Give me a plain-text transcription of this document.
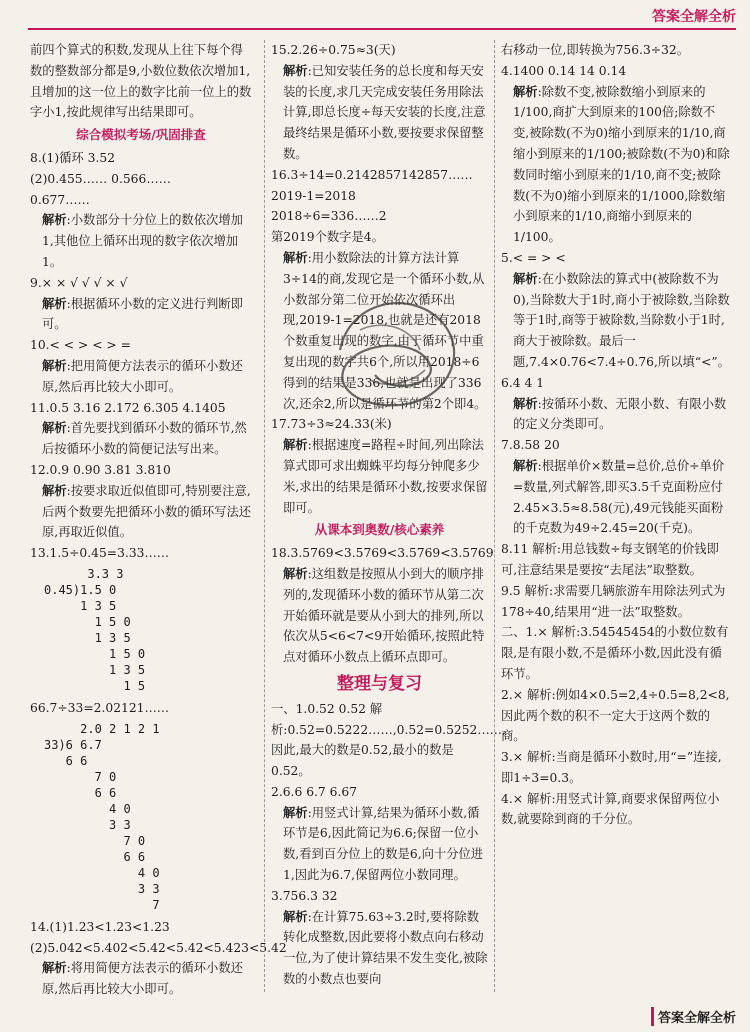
答案全解全析

前四个算式的积数,发现从上往下每个得数的整数部分都是9,小数位数依次增加1,且增加的这一位上的数字比前一位上的数字小1,按此规律写出结果即可。

综合模拟考场/巩固排查

8.(1)循环 3.52

(2)0.455…… 0.566……

0.677……

解析:小数部分十分位上的数依次增加1,其他位上循环出现的数字依次增加1。

9.× × √ √ √ × √

解析:根据循环小数的定义进行判断即可。

10.< < > < > =

解析:把用简便方法表示的循环小数还原,然后再比较大小即可。

11.0.5 3.16 2.172 6.305 4.1405

解析:首先要找到循环小数的循环节,然后按循环小数的简便记法写出来。

12.0.9 0.90 3.81 3.810

解析:按要求取近似值即可,特别要注意,后两个数要先把循环小数的循环写法还原,再取近似值。

13.1.5÷0.45=3.33……

3.3 3
0.45)1.5 0
1 3 5
1 5 0
1 3 5
1 5 0
1 3 5
1 5

66.7÷33=2.02121……

2.0 2 1 2 1
33)6 6.7
6 6
7 0
6 6
4 0
3 3
7 0
6 6
4 0
3 3
7

14.(1)1.23<1.23<1.23

(2)5.042<5.402<5.42<5.42<5.423<5.42

解析:将用简便方法表示的循环小数还原,然后再比较大小即可。

15.2.26÷0.75≈3(天)

解析:已知安装任务的总长度和每天安装的长度,求几天完成安装任务用除法计算,即总长度÷每天安装的长度,注意最终结果是循环小数,要按要求保留整数。

16.3÷14=0.2142857142857……

2019-1=2018

2018÷6=336……2

第2019个数字是4。

解析:用小数除法的计算方法计算3÷14的商,发现它是一个循环小数,从小数部分第二位开始依次循环出现,2019-1=2018,也就是还有2018个数重复出现的数字,由于循环节中重复出现的数字共6个,所以用2018÷6得到的结果是336,也就是出现了336次,还余2,所以是循环节的第2个即4。

17.73÷3≈24.33(米)

解析:根据速度=路程÷时间,列出除法算式即可求出蜘蛛平均每分钟爬多少米,求出的结果是循环小数,按要求保留即可。

从课本到奥数/核心素养

18.3.5769<3.5769<3.5769<3.5769

解析:这组数是按照从小到大的顺序排列的,发现循环小数的循环节从第二次开始循环就是要从小到大的排列,所以依次从5<6<7<9开始循环,按照此特点对循环小数点上循环点即可。

整理与复习

一、1.0.52 0.52 解析:0.52=0.5222……,0.52=0.5252……,因此,最大的数是0.52,最小的数是0.52。

2.6.6 6.7 6.67

解析:用竖式计算,结果为循环小数,循环节是6,因此简记为6.6;保留一位小数,看到百分位上的数是6,向十分位进1,因此为6.7,保留两位小数同理。

3.756.3 32

解析:在计算75.63÷3.2时,要将除数转化成整数,因此要将小数点向右移动一位,为了使计算结果不发生变化,被除数的小数点也要向

右移动一位,即转换为756.3÷32。

4.1400 0.14 14 0.14

解析:除数不变,被除数缩小到原来的1/100,商扩大到原来的100倍;除数不变,被除数(不为0)缩小到原来的1/10,商缩小到原来的1/100;被除数(不为0)和除数同时缩小到原来的1/10,商不变;被除数(不为0)缩小到原来的1/1000,除数缩小到原来的1/10,商缩小到原来的1/100。

5.< = > <

解析:在小数除法的算式中(被除数不为0),当除数大于1时,商小于被除数,当除数等于1时,商等于被除数,当除数小于1时,商大于被除数。最后一题,7.4×0.76<7.4÷0.76,所以填“<”。

6.4 4 1

解析:按循环小数、无限小数、有限小数的定义分类即可。

7.8.58 20

解析:根据单价×数量=总价,总价÷单价=数量,列式解答,即买3.5千克面粉应付2.45×3.5≈8.58(元),49元钱能买面粉的千克数为49÷2.45=20(千克)。

8.11 解析:用总钱数÷每支钢笔的价钱即可,注意结果是要按“去尾法”取整数。

9.5 解析:求需要几辆旅游车用除法列式为178÷40,结果用“进一法”取整数。

二、1.× 解析:3.54545454的小数位数有限,是有限小数,不是循环小数,因此没有循环节。

2.× 解析:例如4×0.5=2,4÷0.5=8,2<8,因此两个数的积不一定大于这两个数的商。

3.× 解析:当商是循环小数时,用“=”连接,即1÷3=0.3。

4.× 解析:用竖式计算,商要求保留两位小数,就要除到商的千分位。

答案全解全析
